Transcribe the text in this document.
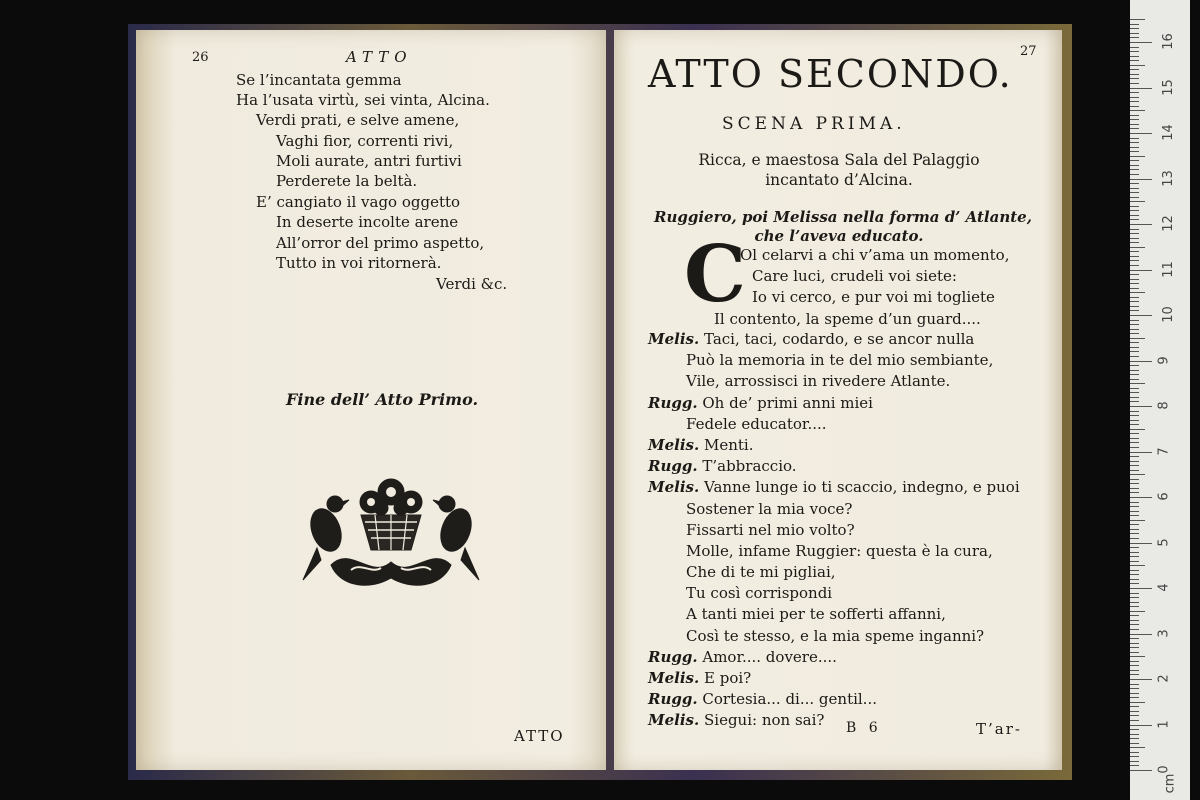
26	ATTO
Se l’incantata gemma
Ha l’usata virtù, sei vinta, Alcina.
Verdi prati, e selve amene,
Vaghi fior, correnti rivi,
Moli aurate, antri furtivi
Perderete la beltà.
E’ cangiato il vago oggetto
In deserte incolte arene
All’orror del primo aspetto,
Tutto in voi ritornerà.
Verdi &c.
Fine dell’ Atto Primo.
ATTO
27
ATTO SECONDO.
SCENA PRIMA.
Ricca, e maestosa Sala del Palaggio
incantato d’Alcina.
Ruggiero, poi Melissa nella forma d’ Atlante,
che l’aveva educato.
C
Ol celarvi a chi v’ama un momento,
Care luci, crudeli voi siete:
Io vi cerco, e pur voi mi togliete
Il contento, la speme d’un guard....
Melis. Taci, taci, codardo, e se ancor nulla
Può la memoria in te del mio sembiante,
Vile, arrossisci in rivedere Atlante.
Rugg. Oh de’ primi anni miei
Fedele educator....
Melis. Menti.
Rugg. T’abbraccio.
Melis. Vanne lunge io ti scaccio, indegno, e puoi
Sostener la mia voce?
Fissarti nel mio volto?
Molle, infame Ruggier: questa è la cura,
Che di te mi pigliai,
Tu così corrispondi
A tanti miei per te sofferti affanni,
Così te stesso, e la mia speme inganni?
Rugg. Amor.... dovere....
Melis. E poi?
Rugg. Cortesia... di... gentil...
Melis. Siegui: non sai?	B 6	T’ar-
0
1
2
3
4
5
6
7
8
9
10
11
12
13
14
15
16
cm
